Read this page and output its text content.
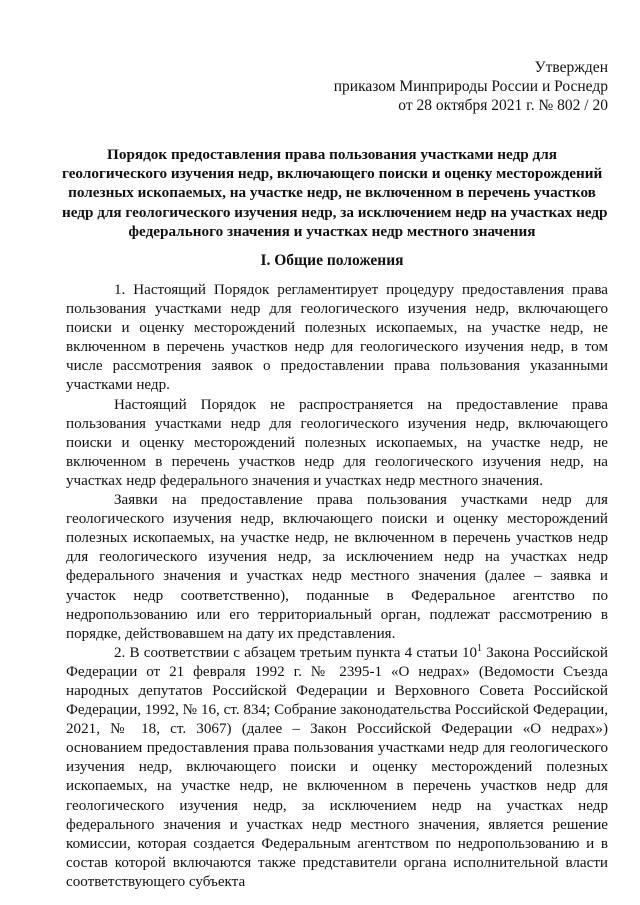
Утвержден
приказом Минприроды России и Роснедр
от 28 октября 2021 г. № 802 / 20
Порядок предоставления права пользования участками недр для
геологического изучения недр, включающего поиски и оценку месторождений
полезных ископаемых, на участке недр, не включенном в перечень участков
недр для геологического изучения недр, за исключением недр на участках недр
федерального значения и участках недр местного значения
I. Общие положения

1. Настоящий Порядок регламентирует процедуру предоставления права пользования участками недр для геологического изучения недр, включающего поиски и оценку месторождений полезных ископаемых, на участке недр, не включенном в перечень участков недр для геологического изучения недр, в том числе рассмотрения заявок о предоставлении права пользования указанными участками недр.

Настоящий Порядок не распространяется на предоставление права пользования участками недр для геологического изучения недр, включающего поиски и оценку месторождений полезных ископаемых, на участке недр, не включенном в перечень участков недр для геологического изучения недр, на участках недр федерального значения и участках недр местного значения.

Заявки на предоставление права пользования участками недр для геологического изучения недр, включающего поиски и оценку месторождений полезных ископаемых, на участке недр, не включенном в перечень участков недр для геологического изучения недр, за исключением недр на участках недр федерального значения и участках недр местного значения (далее – заявка и участок недр соответственно), поданные в Федеральное агентство по недропользованию или его территориальный орган, подлежат рассмотрению в порядке, действовавшем на дату их представления.

2. В соответствии с абзацем третьим пункта 4 статьи $10^1$ Закона Российской Федерации от 21 февраля 1992 г. № 2395-1 «О недрах» (Ведомости Съезда народных депутатов Российской Федерации и Верховного Совета Российской Федерации, 1992, № 16, ст. 834; Собрание законодательства Российской Федерации, 2021, № 18, ст. 3067) (далее – Закон Российской Федерации «О недрах») основанием предоставления права пользования участками недр для геологического изучения недр, включающего поиски и оценку месторождений полезных ископаемых, на участке недр, не включенном в перечень участков недр для геологического изучения недр, за исключением недр на участках недр федерального значения и участках недр местного значения, является решение комиссии, которая создается Федеральным агентством по недропользованию и в состав которой включаются также представители органа исполнительной власти соответствующего субъекта
